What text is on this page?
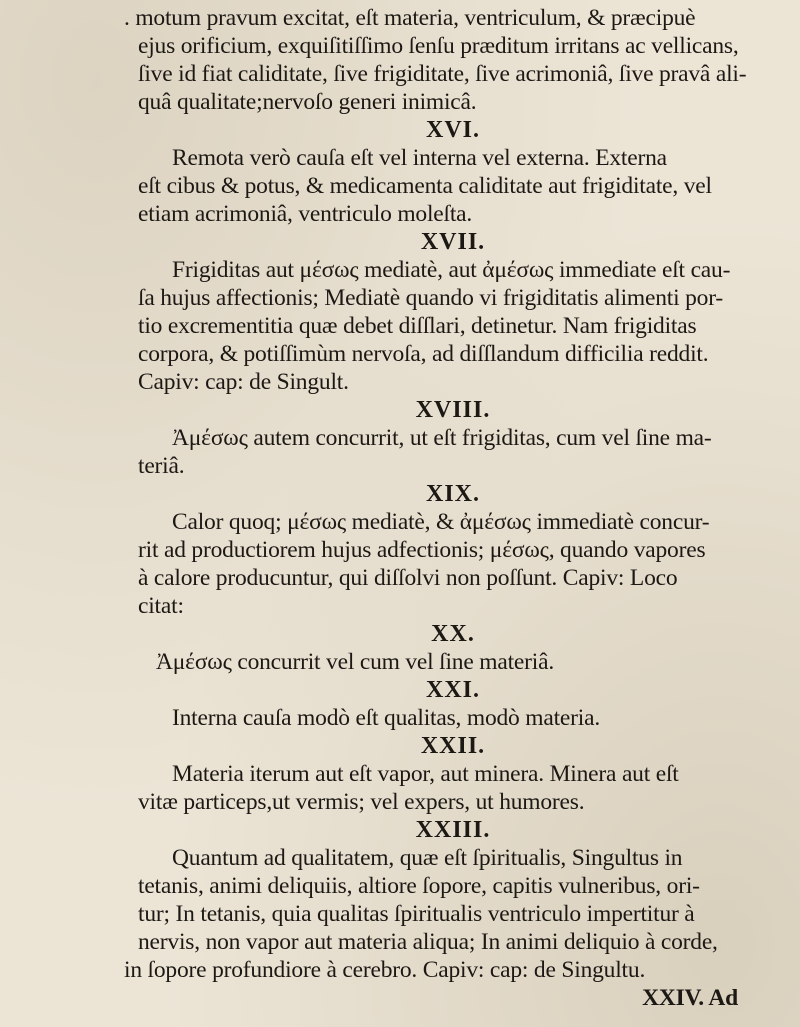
. motum pravum excitat, eſt materia, ventriculum, & præcipuè
ejus orificium, exquiſitiſſimo ſenſu præditum irritans ac vellicans,
ſive id fiat caliditate, ſive frigiditate, ſive acrimoniâ, ſive pravâ ali-
quâ qualitate;nervoſo generi inimicâ.
XVI.
Remota verò cauſa eſt vel interna vel externa. Externa
eſt cibus & potus, & medicamenta caliditate aut frigiditate, vel
etiam acrimoniâ, ventriculo moleſta.
XVII.
Frigiditas aut μέσως mediatè, aut ἀμέσως immediate eſt cau-
ſa hujus affectionis; Mediatè quando vi frigiditatis alimenti por-
tio excrementitia quæ debet diſſlari, detinetur. Nam frigiditas
corpora, & potiſſimùm nervoſa, ad diſſlandum difficilia reddit.
Capiv: cap: de Singult.
XVIII.
Ἀμέσως autem concurrit, ut eſt frigiditas, cum vel ſine ma-
teriâ.
XIX.
Calor quoq; μέσως mediatè, & ἀμέσως immediatè concur-
rit ad productiorem hujus adfectionis; μέσως, quando vapores
à calore producuntur, qui diſſolvi non poſſunt. Capiv: Loco
citat:
XX.
Ἀμέσως concurrit vel cum vel ſine materiâ.
XXI.
Interna cauſa modò eſt qualitas, modò materia.
XXII.
Materia iterum aut eſt vapor, aut minera. Minera aut eſt
vitæ particeps,ut vermis; vel expers, ut humores.
XXIII.
Quantum ad qualitatem, quæ eſt ſpiritualis, Singultus in
tetanis, animi deliquiis, altiore ſopore, capitis vulneribus, ori-
tur; In tetanis, quia qualitas ſpiritualis ventriculo impertitur à
nervis, non vapor aut materia aliqua; In animi deliquio à corde,
in ſopore profundiore à cerebro. Capiv: cap: de Singultu.
XXIV. Ad
